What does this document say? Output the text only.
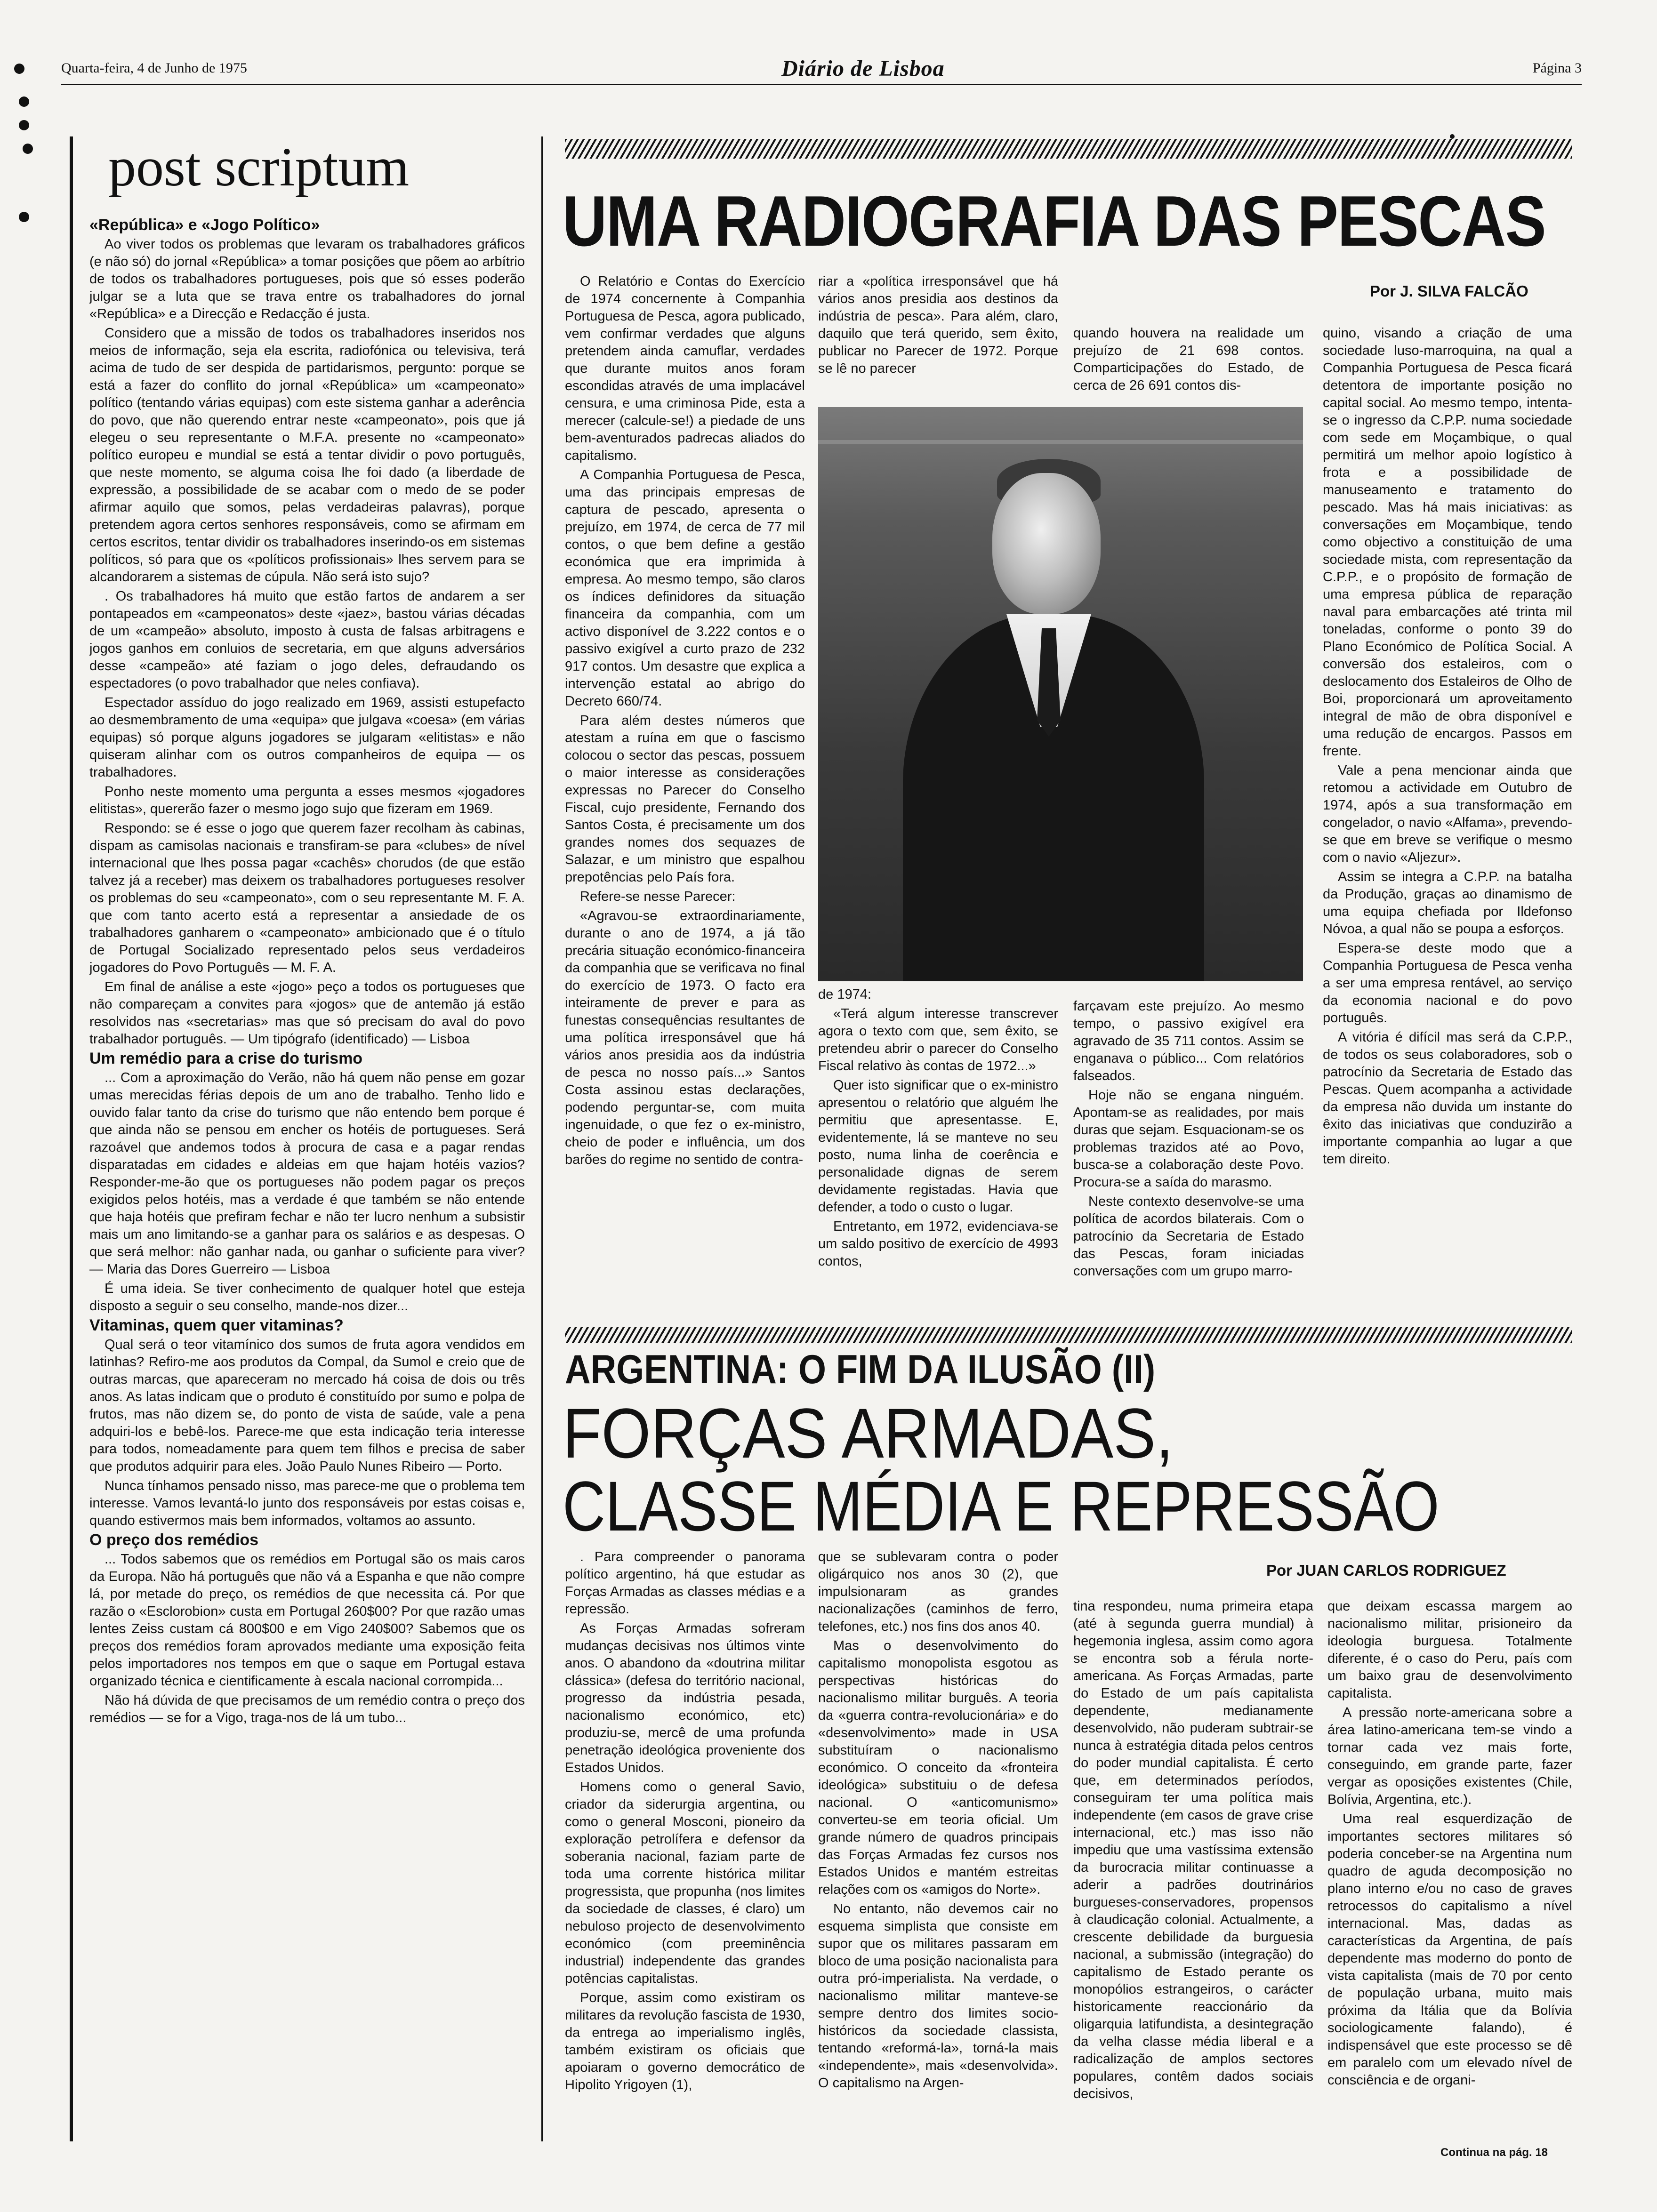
Quarta-feira, 4 de Junho de 1975	Diário de Lisboa	Página 3
post scriptum

«República» e «Jogo Político»

Ao viver todos os problemas que levaram os trabalhadores gráficos (e não só) do jornal «República» a tomar posições que põem ao arbítrio de todos os trabalhadores portugueses, pois que só esses poderão julgar se a luta que se trava entre os trabalhadores do jornal «República» e a Direcção e Redacção é justa.

Considero que a missão de todos os trabalhadores inseridos nos meios de informação, seja ela escrita, radiofónica ou televisiva, terá acima de tudo de ser despida de partidarismos, pergunto: porque se está a fazer do conflito do jornal «República» um «campeonato» político (tentando várias equipas) com este sistema ganhar a aderência do povo, que não querendo entrar neste «campeonato», pois que já elegeu o seu representante o M.F.A. presente no «campeonato» político europeu e mundial se está a tentar dividir o povo português, que neste momento, se alguma coisa lhe foi dado (a liberdade de expressão, a possibilidade de se acabar com o medo de se poder afirmar aquilo que somos, pelas verdadeiras palavras), porque pretendem agora certos senhores responsáveis, como se afirmam em certos escritos, tentar dividir os trabalhadores inserindo-os em sistemas políticos, só para que os «políticos profissionais» lhes servem para se alcandorarem a sistemas de cúpula. Não será isto sujo?

. Os trabalhadores há muito que estão fartos de andarem a ser pontapeados em «campeonatos» deste «jaez», bastou várias décadas de um «campeão» absoluto, imposto à custa de falsas arbitragens e jogos ganhos em conluios de secretaria, em que alguns adversários desse «campeão» até faziam o jogo deles, defraudando os espectadores (o povo trabalhador que neles confiava).

Espectador assíduo do jogo realizado em 1969, assisti estupefacto ao desmembramento de uma «equipa» que julgava «coesa» (em várias equipas) só porque alguns jogadores se julgaram «elitistas» e não quiseram alinhar com os outros companheiros de equipa — os trabalhadores.

Ponho neste momento uma pergunta a esses mesmos «jogadores elitistas», quererão fazer o mesmo jogo sujo que fizeram em 1969.

Respondo: se é esse o jogo que querem fazer recolham às cabinas, dispam as camisolas nacionais e transfiram-se para «clubes» de nível internacional que lhes possa pagar «cachês» chorudos (de que estão talvez já a receber) mas deixem os trabalhadores portugueses resolver os problemas do seu «campeonato», com o seu representante M. F. A. que com tanto acerto está a representar a ansiedade de os trabalhadores ganharem o «campeonato» ambicionado que é o título de Portugal Socializado representado pelos seus verdadeiros jogadores do Povo Português — M. F. A.

Em final de análise a este «jogo» peço a todos os portugueses que não compareçam a convites para «jogos» que de antemão já estão resolvidos nas «secretarias» mas que só precisam do aval do povo trabalhador português. — Um tipógrafo (identificado) — Lisboa

Um remédio para a crise do turismo

... Com a aproximação do Verão, não há quem não pense em gozar umas merecidas férias depois de um ano de trabalho. Tenho lido e ouvido falar tanto da crise do turismo que não entendo bem porque é que ainda não se pensou em encher os hotéis de portugueses. Será razoável que andemos todos à procura de casa e a pagar rendas disparatadas em cidades e aldeias em que hajam hotéis vazios? Responder-me-ão que os portugueses não podem pagar os preços exigidos pelos hotéis, mas a verdade é que também se não entende que haja hotéis que prefiram fechar e não ter lucro nenhum a subsistir mais um ano limitando-se a ganhar para os salários e as despesas. O que será melhor: não ganhar nada, ou ganhar o suficiente para viver? — Maria das Dores Guerreiro — Lisboa

É uma ideia. Se tiver conhecimento de qualquer hotel que esteja disposto a seguir o seu conselho, mande-nos dizer...

Vitaminas, quem quer vitaminas?

Qual será o teor vitamínico dos sumos de fruta agora vendidos em latinhas? Refiro-me aos produtos da Compal, da Sumol e creio que de outras marcas, que apareceram no mercado há coisa de dois ou três anos. As latas indicam que o produto é constituído por sumo e polpa de frutos, mas não dizem se, do ponto de vista de saúde, vale a pena adquiri-los e bebê-los. Parece-me que esta indicação teria interesse para todos, nomeadamente para quem tem filhos e precisa de saber que produtos adquirir para eles. João Paulo Nunes Ribeiro — Porto.

Nunca tínhamos pensado nisso, mas parece-me que o problema tem interesse. Vamos levantá-lo junto dos responsáveis por estas coisas e, quando estivermos mais bem informados, voltamos ao assunto.

O preço dos remédios

... Todos sabemos que os remédios em Portugal são os mais caros da Europa. Não há português que não vá a Espanha e que não compre lá, por metade do preço, os remédios de que necessita cá. Por que razão o «Esclorobion» custa em Portugal 260$00? Por que razão umas lentes Zeiss custam cá 800$00 e em Vigo 240$00? Sabemos que os preços dos remédios foram aprovados mediante uma exposição feita pelos importadores nos tempos em que o saque em Portugal estava organizado técnica e cientificamente à escala nacional corrompida...

Não há dúvida de que precisamos de um remédio contra o preço dos remédios — se for a Vigo, traga-nos de lá um tubo...

UMA RADIOGRAFIA DAS PESCAS
Por J. SILVA FALCÃO

O Relatório e Contas do Exercício de 1974 concernente à Companhia Portuguesa de Pesca, agora publicado, vem confirmar verdades que alguns pretendem ainda camuflar, verdades que durante muitos anos foram escondidas através de uma implacável censura, e uma criminosa Pide, esta a merecer (calcule-se!) a piedade de uns bem-aventurados padrecas aliados do capitalismo.

A Companhia Portuguesa de Pesca, uma das principais empresas de captura de pescado, apresenta o prejuízo, em 1974, de cerca de 77 mil contos, o que bem define a gestão económica que era imprimida à empresa. Ao mesmo tempo, são claros os índices definidores da situação financeira da companhia, com um activo disponível de 3.222 contos e o passivo exigível a curto prazo de 232 917 contos. Um desastre que explica a intervenção estatal ao abrigo do Decreto 660/74.

Para além destes números que atestam a ruína em que o fascismo colocou o sector das pescas, possuem o maior interesse as considerações expressas no Parecer do Conselho Fiscal, cujo presidente, Fernando dos Santos Costa, é precisamente um dos grandes nomes dos sequazes de Salazar, e um ministro que espalhou prepotências pelo País fora.

Refere-se nesse Parecer:

«Agravou-se extraordinariamente, durante o ano de 1974, a já tão precária situação económico-financeira da companhia que se verificava no final do exercício de 1973. O facto era inteiramente de prever e para as funestas consequências resultantes de uma política irresponsável que há vários anos presidia aos da indústria de pesca no nosso país...» Santos Costa assinou estas declarações, podendo perguntar-se, com muita ingenuidade, o que fez o ex-ministro, cheio de poder e influência, um dos barões do regime no sentido de contra-

riar a «política irresponsável que há vários anos presidia aos destinos da indústria de pesca». Para além, claro, daquilo que terá querido, sem êxito, publicar no Parecer de 1972. Porque se lê no parecer

quando houvera na realidade um prejuízo de 21 698 contos. Comparticipações do Estado, de cerca de 26 691 contos dis-

de 1974:

«Terá algum interesse transcrever agora o texto com que, sem êxito, se pretendeu abrir o parecer do Conselho Fiscal relativo às contas de 1972...»

Quer isto significar que o ex-ministro apresentou o relatório que alguém lhe permitiu que apresentasse. E, evidentemente, lá se manteve no seu posto, numa linha de coerência e personalidade dignas de serem devidamente registadas. Havia que defender, a todo o custo o lugar.

Entretanto, em 1972, evidenciava-se um saldo positivo de exercício de 4993 contos,

farçavam este prejuízo. Ao mesmo tempo, o passivo exigível era agravado de 35 711 contos. Assim se enganava o público... Com relatórios falseados.

Hoje não se engana ninguém. Apontam-se as realidades, por mais duras que sejam. Esquacionam-se os problemas trazidos até ao Povo, busca-se a colaboração deste Povo. Procura-se a saída do marasmo.

Neste contexto desenvolve-se uma política de acordos bilaterais. Com o patrocínio da Secretaria de Estado das Pescas, foram iniciadas conversações com um grupo marro-

quino, visando a criação de uma sociedade luso-marroquina, na qual a Companhia Portuguesa de Pesca ficará detentora de importante posição no capital social. Ao mesmo tempo, intenta-se o ingresso da C.P.P. numa sociedade com sede em Moçambique, o qual permitirá um melhor apoio logístico à frota e a possibilidade de manuseamento e tratamento do pescado. Mas há mais iniciativas: as conversações em Moçambique, tendo como objectivo a constituição de uma sociedade mista, com representação da C.P.P., e o propósito de formação de uma empresa pública de reparação naval para embarcações até trinta mil toneladas, conforme o ponto 39 do Plano Económico de Política Social. A conversão dos estaleiros, com o deslocamento dos Estaleiros de Olho de Boi, proporcionará um aproveitamento integral de mão de obra disponível e uma redução de encargos. Passos em frente.

Vale a pena mencionar ainda que retomou a actividade em Outubro de 1974, após a sua transformação em congelador, o navio «Alfama», prevendo-se que em breve se verifique o mesmo com o navio «Aljezur».

Assim se integra a C.P.P. na batalha da Produção, graças ao dinamismo de uma equipa chefiada por Ildefonso Nóvoa, a qual não se poupa a esforços.

Espera-se deste modo que a Companhia Portuguesa de Pesca venha a ser uma empresa rentável, ao serviço da economia nacional e do povo português.

A vitória é difícil mas será da C.P.P., de todos os seus colaboradores, sob o patrocínio da Secretaria de Estado das Pescas. Quem acompanha a actividade da empresa não duvida um instante do êxito das iniciativas que conduzirão a importante companhia ao lugar a que tem direito.

ARGENTINA: O FIM DA ILUSÃO (II)
FORÇAS ARMADAS,
CLASSE MÉDIA E REPRESSÃO
Por JUAN CARLOS RODRIGUEZ

. Para compreender o panorama político argentino, há que estudar as Forças Armadas as classes médias e a repressão.

As Forças Armadas sofreram mudanças decisivas nos últimos vinte anos. O abandono da «doutrina militar clássica» (defesa do território nacional, progresso da indústria pesada, nacionalismo económico, etc) produziu-se, mercê de uma profunda penetração ideológica proveniente dos Estados Unidos.

Homens como o general Savio, criador da siderurgia argentina, ou como o general Mosconi, pioneiro da exploração petrolífera e defensor da soberania nacional, faziam parte de toda uma corrente histórica militar progressista, que propunha (nos limites da sociedade de classes, é claro) um nebuloso projecto de desenvolvimento económico (com preeminência industrial) independente das grandes potências capitalistas.

Porque, assim como existiram os militares da revolução fascista de 1930, da entrega ao imperialismo inglês, também existiram os oficiais que apoiaram o governo democrático de Hipolito Yrigoyen (1),

que se sublevaram contra o poder oligárquico nos anos 30 (2), que impulsionaram as grandes nacionalizações (caminhos de ferro, telefones, etc.) nos fins dos anos 40.

Mas o desenvolvimento do capitalismo monopolista esgotou as perspectivas históricas do nacionalismo militar burguês. A teoria da «guerra contra-revolucionária» e do «desenvolvimento» made in USA substituíram o nacionalismo económico. O conceito da «fronteira ideológica» substituiu o de defesa nacional. O «anticomunismo» converteu-se em teoria oficial. Um grande número de quadros principais das Forças Armadas fez cursos nos Estados Unidos e mantém estreitas relações com os «amigos do Norte».

No entanto, não devemos cair no esquema simplista que consiste em supor que os militares passaram em bloco de uma posição nacionalista para outra pró-imperialista. Na verdade, o nacionalismo militar manteve-se sempre dentro dos limites socio-históricos da sociedade classista, tentando «reformá-la», torná-la mais «independente», mais «desenvolvida». O capitalismo na Argen-

tina respondeu, numa primeira etapa (até à segunda guerra mundial) à hegemonia inglesa, assim como agora se encontra sob a férula norte-americana. As Forças Armadas, parte do Estado de um país capitalista dependente, medianamente desenvolvido, não puderam subtrair-se nunca à estratégia ditada pelos centros do poder mundial capitalista. É certo que, em determinados períodos, conseguiram ter uma política mais independente (em casos de grave crise internacional, etc.) mas isso não impediu que uma vastíssima extensão da burocracia militar continuasse a aderir a padrões doutrinários burgueses-conservadores, propensos à claudicação colonial. Actualmente, a crescente debilidade da burguesia nacional, a submissão (integração) do capitalismo de Estado perante os monopólios estrangeiros, o carácter historicamente reaccionário da oligarquia latifundista, a desintegração da velha classe média liberal e a radicalização de amplos sectores populares, contêm dados sociais decisivos,

que deixam escassa margem ao nacionalismo militar, prisioneiro da ideologia burguesa. Totalmente diferente, é o caso do Peru, país com um baixo grau de desenvolvimento capitalista.

A pressão norte-americana sobre a área latino-americana tem-se vindo a tornar cada vez mais forte, conseguindo, em grande parte, fazer vergar as oposições existentes (Chile, Bolívia, Argentina, etc.).

Uma real esquerdização de importantes sectores militares só poderia conceber-se na Argentina num quadro de aguda decomposição no plano interno e/ou no caso de graves retrocessos do capitalismo a nível internacional. Mas, dadas as características da Argentina, de país dependente mas moderno do ponto de vista capitalista (mais de 70 por cento de população urbana, muito mais próxima da Itália que da Bolívia sociologicamente falando), é indispensável que este processo se dê em paralelo com um elevado nível de consciência e de organi-

Continua na pág. 18
